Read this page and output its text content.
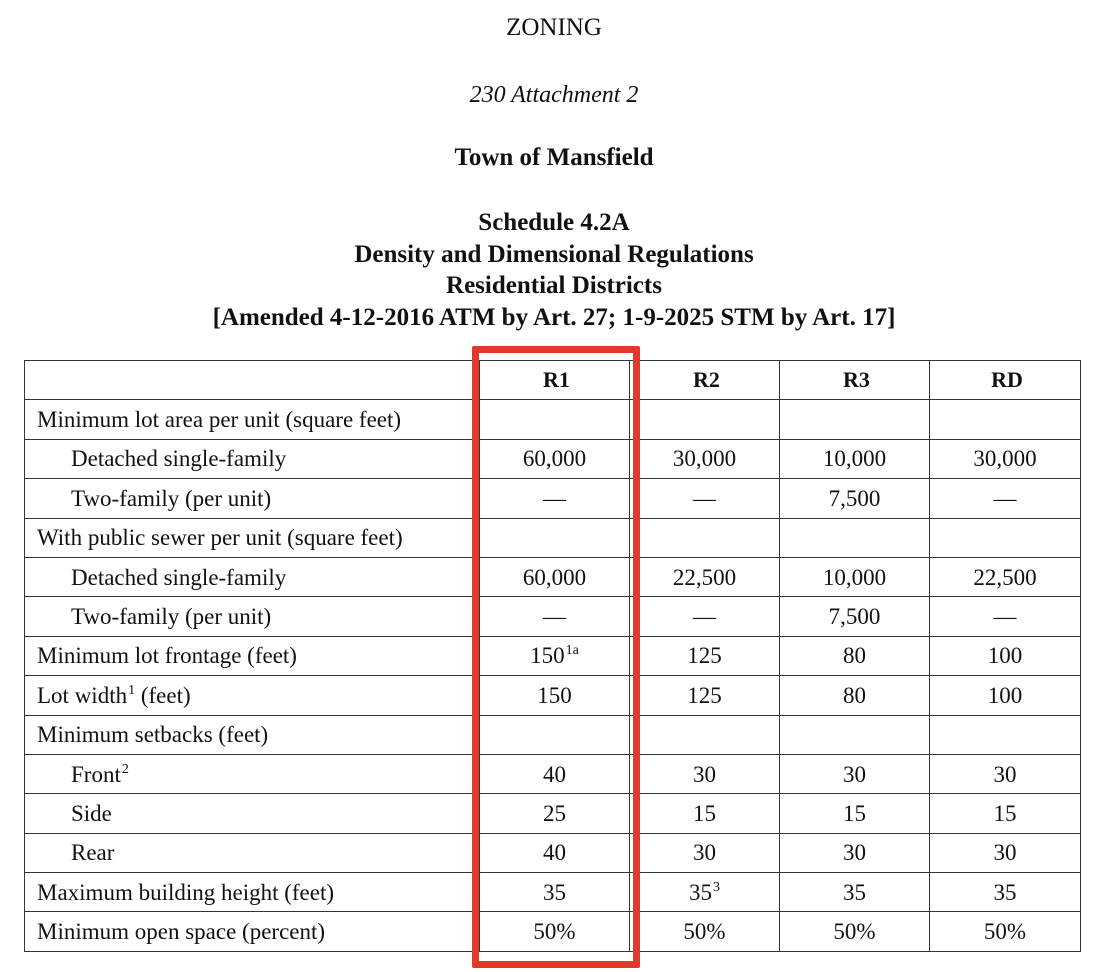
ZONING
230 Attachment 2
Town of Mansfield
Schedule 4.2A
Density and Dimensional Regulations
Residential Districts
[Amended 4-12-2016 ATM by Art. 27; 1-9-2025 STM by Art. 17]
	R1	R2	R3	RD
Minimum lot area per unit (square feet)				
Detached single-family	60,000	30,000	10,000	30,000
Two-family (per unit)	—	—	7,500	—
With public sewer per unit (square feet)				
Detached single-family	60,000	22,500	10,000	22,500
Two-family (per unit)	—	—	7,500	—
Minimum lot frontage (feet)	$150^{1a}$	125	80	100
Lot width$^1$ (feet)	150	125	80	100
Minimum setbacks (feet)				
Front$^2$	40	30	30	30
Side	25	15	15	15
Rear	40	30	30	30
Maximum building height (feet)	35	$35^3$	35	35
Minimum open space (percent)	50%	50%	50%	50%
